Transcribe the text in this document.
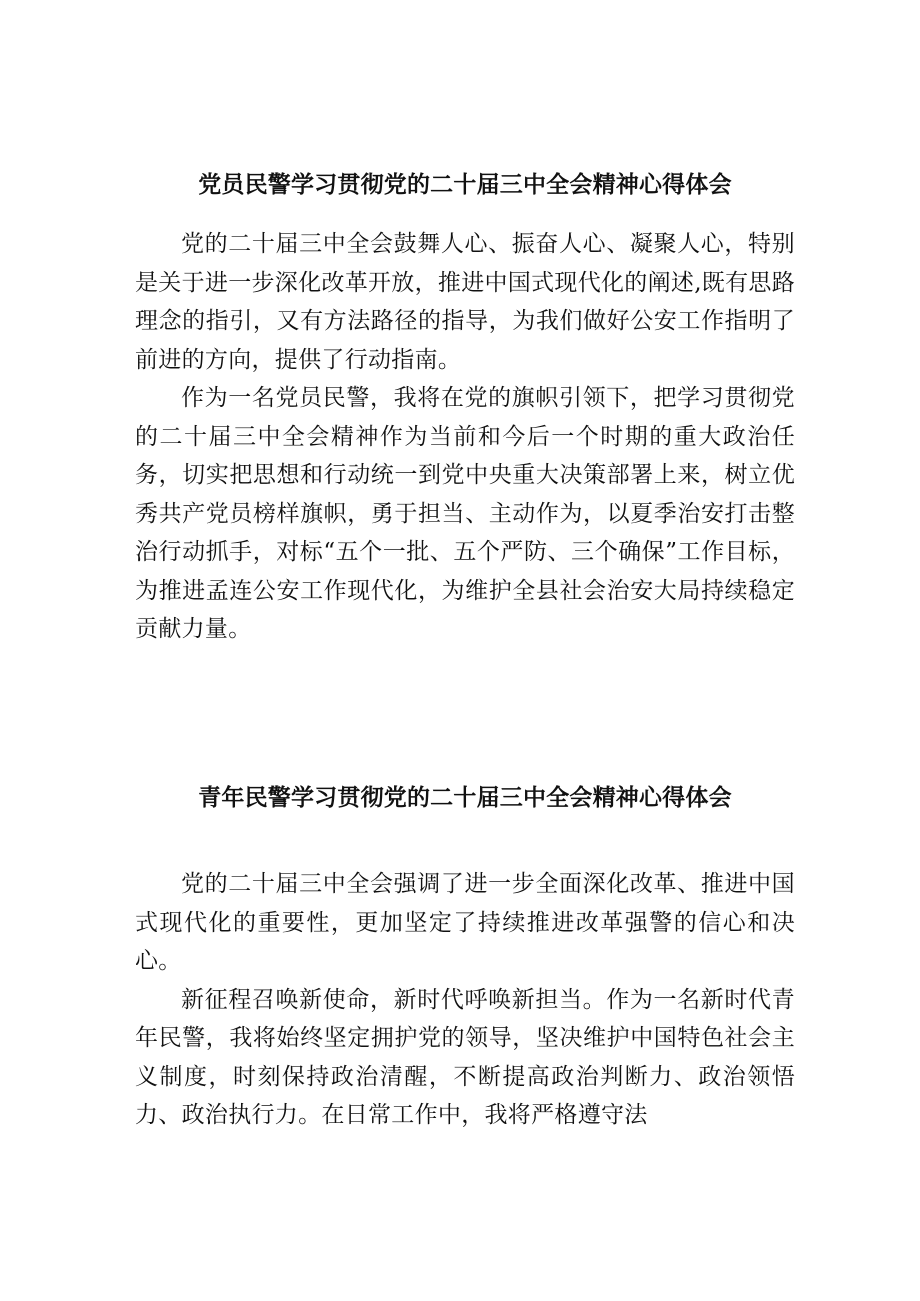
党员民警学习贯彻党的二十届三中全会精神心得体会

党的二十届三中全会鼓舞人心、振奋人心、凝聚人心，特别是关于进一步深化改革开放，推进中国式现代化的阐述,既有思路理念的指引，又有方法路径的指导，为我们做好公安工作指明了前进的方向，提供了行动指南。

作为一名党员民警，我将在党的旗帜引领下，把学习贯彻党的二十届三中全会精神作为当前和今后一个时期的重大政治任务，切实把思想和行动统一到党中央重大决策部署上来，树立优秀共产党员榜样旗帜，勇于担当、主动作为，以夏季治安打击整治行动抓手，对标“五个一批、五个严防、三个确保”工作目标，为推进孟连公安工作现代化，为维护全县社会治安大局持续稳定贡献力量。

青年民警学习贯彻党的二十届三中全会精神心得体会

党的二十届三中全会强调了进一步全面深化改革、推进中国式现代化的重要性，更加坚定了持续推进改革强警的信心和决心。

新征程召唤新使命，新时代呼唤新担当。作为一名新时代青年民警，我将始终坚定拥护党的领导，坚决维护中国特色社会主义制度，时刻保持政治清醒，不断提高政治判断力、政治领悟力、政治执行力。在日常工作中，我将严格遵守法
